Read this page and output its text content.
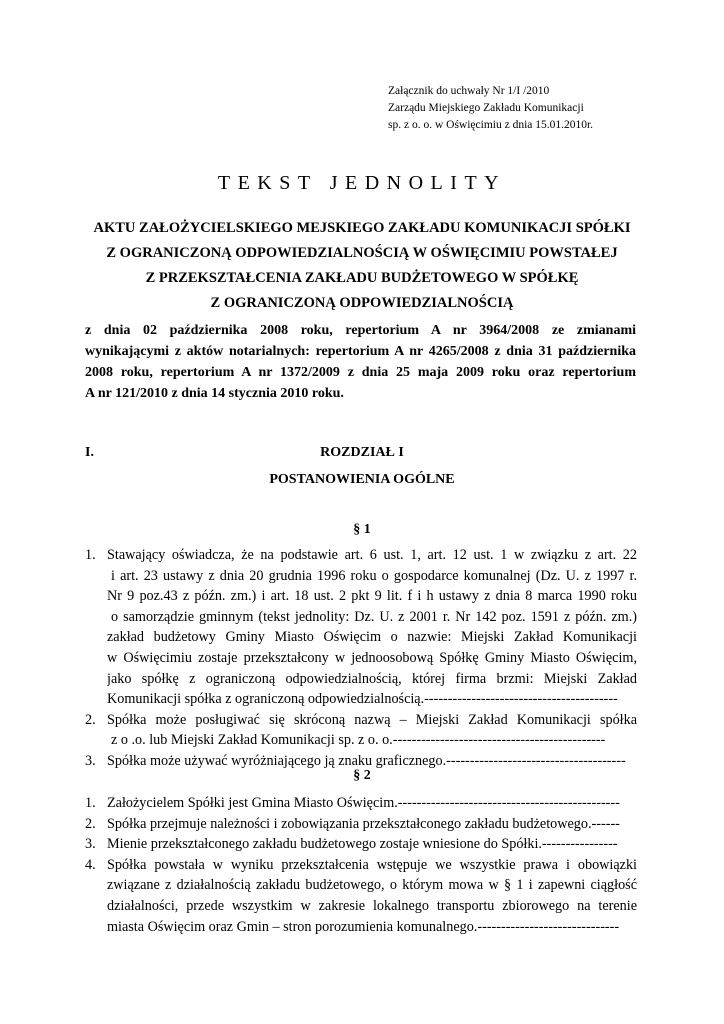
Załącznik do uchwały Nr 1/I /2010
Zarządu Miejskiego Zakładu Komunikacji
sp. z o. o. w Oświęcimiu z dnia 15.01.2010r.
TEKST JEDNOLITY
AKTU ZAŁOŻYCIELSKIEGO MEJSKIEGO ZAKŁADU KOMUNIKACJI SPÓŁKI
Z OGRANICZONĄ ODPOWIEDZIALNOŚCIĄ W OŚWIĘCIMIU POWSTAŁEJ
Z PRZEKSZTAŁCENIA ZAKŁADU BUDŻETOWEGO W SPÓŁKĘ
Z OGRANICZONĄ ODPOWIEDZIALNOŚCIĄ
z dnia 02 października 2008 roku, repertorium A nr 3964/2008 ze zmianami
wynikającymi z aktów notarialnych: repertorium A nr 4265/2008 z dnia 31 października
2008 roku, repertorium A nr 1372/2009 z dnia 25 maja 2009 roku oraz repertorium
A nr 121/2010 z dnia 14 stycznia 2010 roku.
I.	ROZDZIAŁ I
POSTANOWIENIA OGÓLNE
§ 1
1. Stawający oświadcza, że na podstawie art. 6 ust. 1, art. 12 ust. 1 w związku z art. 22
i art. 23 ustawy z dnia 20 grudnia 1996 roku o gospodarce komunalnej (Dz. U. z 1997 r.
Nr 9 poz.43 z późn. zm.) i art. 18 ust. 2 pkt 9 lit. f i h ustawy z dnia 8 marca 1990 roku
o samorządzie gminnym (tekst jednolity: Dz. U. z 2001 r. Nr 142 poz. 1591 z późn. zm.)
zakład budżetowy Gminy Miasto Oświęcim o nazwie: Miejski Zakład Komunikacji
w Oświęcimiu zostaje przekształcony w jednoosobową Spółkę Gminy Miasto Oświęcim,
jako spółkę z ograniczoną odpowiedzialnością, której firma brzmi: Miejski Zakład
Komunikacji spółka z ograniczoną odpowiedzialnością.-----------------------------------------
2. Spółka może posługiwać się skróconą nazwą – Miejski Zakład Komunikacji spółka
z o .o. lub Miejski Zakład Komunikacji sp. z o. o.---------------------------------------------
3. Spółka może używać wyróżniającego ją znaku graficznego.--------------------------------------
§ 2
1. Założycielem Spółki jest Gmina Miasto Oświęcim.-----------------------------------------------
2. Spółka przejmuje należności i zobowiązania przekształconego zakładu budżetowego.------
3. Mienie przekształconego zakładu budżetowego zostaje wniesione do Spółki.----------------
4. Spółka powstała w wyniku przekształcenia wstępuje we wszystkie prawa i obowiązki
związane z działalnością zakładu budżetowego, o którym mowa w § 1 i zapewni ciągłość
działalności, przede wszystkim w zakresie lokalnego transportu zbiorowego na terenie
miasta Oświęcim oraz Gmin – stron porozumienia komunalnego.------------------------------
